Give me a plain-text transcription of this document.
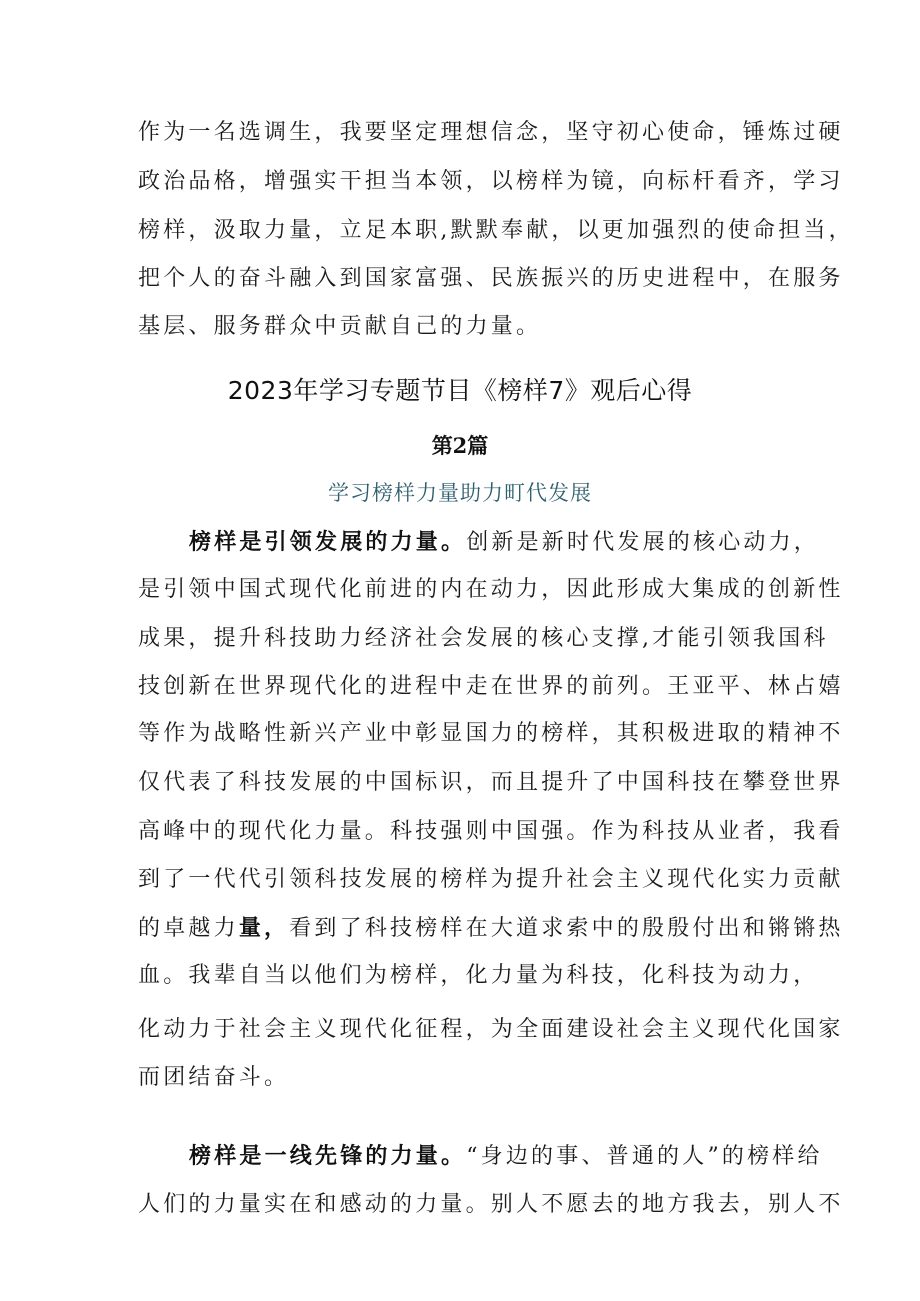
作为一名选调生，我要坚定理想信念，坚守初心使命，锤炼过硬
政治品格，增强实干担当本领，以榜样为镜，向标杆看齐，学习
榜样，汲取力量，立足本职,默默奉献，以更加强烈的使命担当，
把个人的奋斗融入到国家富强、民族振兴的历史进程中，在服务
基层、服务群众中贡献自己的力量。
2023年学习专题节目《榜样7》观后心得
第2篇
学习榜样力量助力町代发展
榜样是引领发展的力量。创新是新时代发展的核心动力，
是引领中国式现代化前进的内在动力，因此形成大集成的创新性
成果，提升科技助力经济社会发展的核心支撑,才能引领我国科
技创新在世界现代化的进程中走在世界的前列。王亚平、林占嬉
等作为战略性新兴产业中彰显国力的榜样，其积极进取的精神不
仅代表了科技发展的中国标识，而且提升了中国科技在攀登世界
高峰中的现代化力量。科技强则中国强。作为科技从业者，我看
到了一代代引领科技发展的榜样为提升社会主义现代化实力贡献
的卓越力量，看到了科技榜样在大道求索中的殷殷付出和锵锵热
血。我辈自当以他们为榜样，化力量为科技，化科技为动力，
化动力于社会主义现代化征程，为全面建设社会主义现代化国家
而团结奋斗。
榜样是一线先锋的力量。“身边的事、普通的人”的榜样给
人们的力量实在和感动的力量。别人不愿去的地方我去，别人不
